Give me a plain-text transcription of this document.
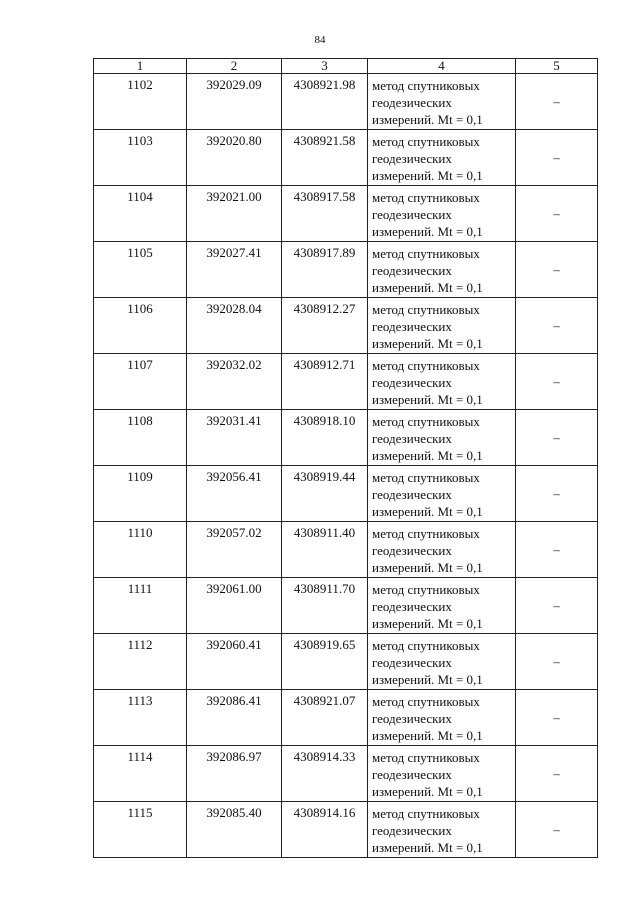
84
1	2	3	4	5
1102	392029.09	4308921.98	метод спутниковых
геодезических
измерений. Mt = 0,1	–
1103	392020.80	4308921.58	метод спутниковых
геодезических
измерений. Mt = 0,1	–
1104	392021.00	4308917.58	метод спутниковых
геодезических
измерений. Mt = 0,1	–
1105	392027.41	4308917.89	метод спутниковых
геодезических
измерений. Mt = 0,1	–
1106	392028.04	4308912.27	метод спутниковых
геодезических
измерений. Mt = 0,1	–
1107	392032.02	4308912.71	метод спутниковых
геодезических
измерений. Mt = 0,1	–
1108	392031.41	4308918.10	метод спутниковых
геодезических
измерений. Mt = 0,1	–
1109	392056.41	4308919.44	метод спутниковых
геодезических
измерений. Mt = 0,1	–
1110	392057.02	4308911.40	метод спутниковых
геодезических
измерений. Mt = 0,1	–
1111	392061.00	4308911.70	метод спутниковых
геодезических
измерений. Mt = 0,1	–
1112	392060.41	4308919.65	метод спутниковых
геодезических
измерений. Mt = 0,1	–
1113	392086.41	4308921.07	метод спутниковых
геодезических
измерений. Mt = 0,1	–
1114	392086.97	4308914.33	метод спутниковых
геодезических
измерений. Mt = 0,1	–
1115	392085.40	4308914.16	метод спутниковых
геодезических
измерений. Mt = 0,1	–
